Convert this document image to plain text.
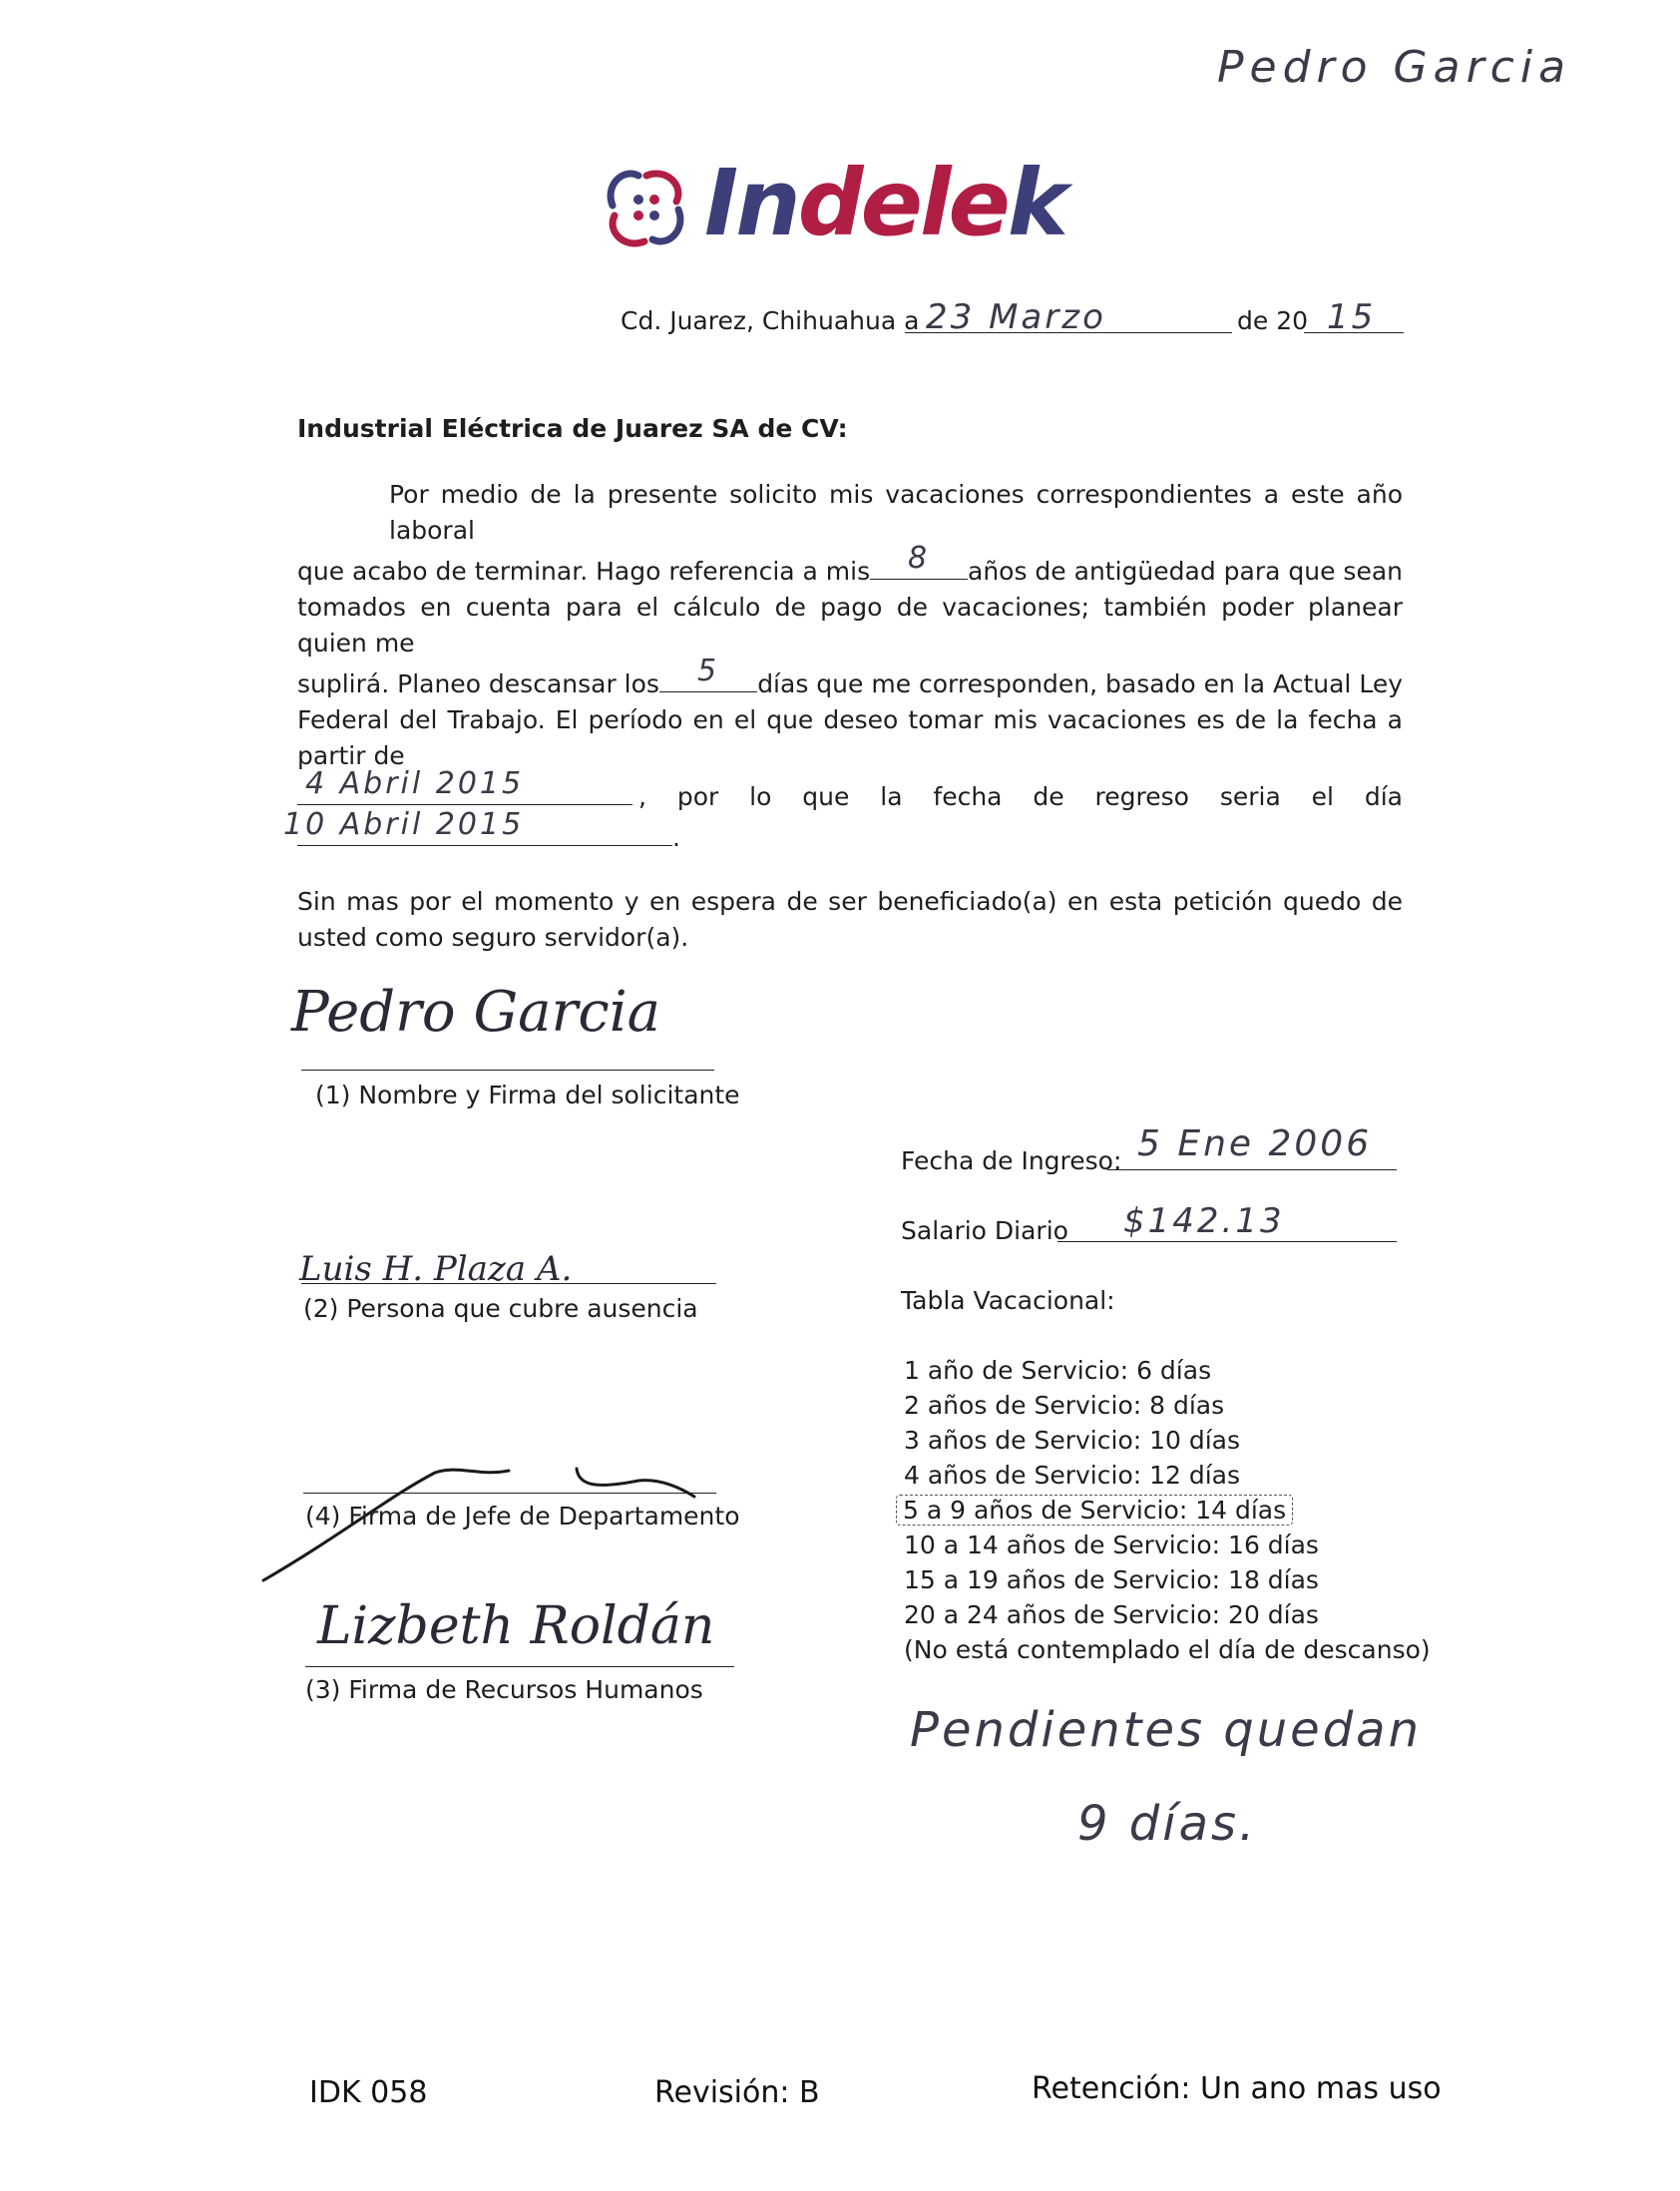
Pedro Garcia
Indelek
Cd. Juarez, Chihuahua a 23 Marzo	de 20 15
Industrial Eléctrica de Juarez SA de CV:
Por medio de la presente solicito mis vacaciones correspondientes a este año laboral
que acabo de terminar. Hago referencia a mis	8	años de antigüedad para que sean
tomados en cuenta para el cálculo de pago de vacaciones; también poder planear quien me
suplirá. Planeo descansar los	5	días que me corresponden, basado en la Actual Ley
Federal del Trabajo. El período en el que deseo tomar mis vacaciones es de la fecha a partir de
4 Abril 2015	, por lo que la fecha de regreso seria el día
10 Abril 2015	.
Sin mas por el momento y en espera de ser beneficiado(a) en esta petición quedo de usted como seguro servidor(a).
Pedro Garcia
(1) Nombre y Firma del solicitante
Luis H. Plaza A.
(2) Persona que cubre ausencia
(4) Firma de Jefe de Departamento
Lizbeth Roldán
(3) Firma de Recursos Humanos
Fecha de Ingreso: 5 Ene 2006
Salario Diario $142.13
Tabla Vacacional:
1 año de Servicio: 6 días
2 años de Servicio: 8 días
3 años de Servicio: 10 días
4 años de Servicio: 12 días
5 a 9 años de Servicio: 14 días
10 a 14 años de Servicio: 16 días
15 a 19 años de Servicio: 18 días
20 a 24 años de Servicio: 20 días
(No está contemplado el día de descanso)
Pendientes quedan
9 días.
IDK 058	Revisión: B	Retención: Un ano mas uso
